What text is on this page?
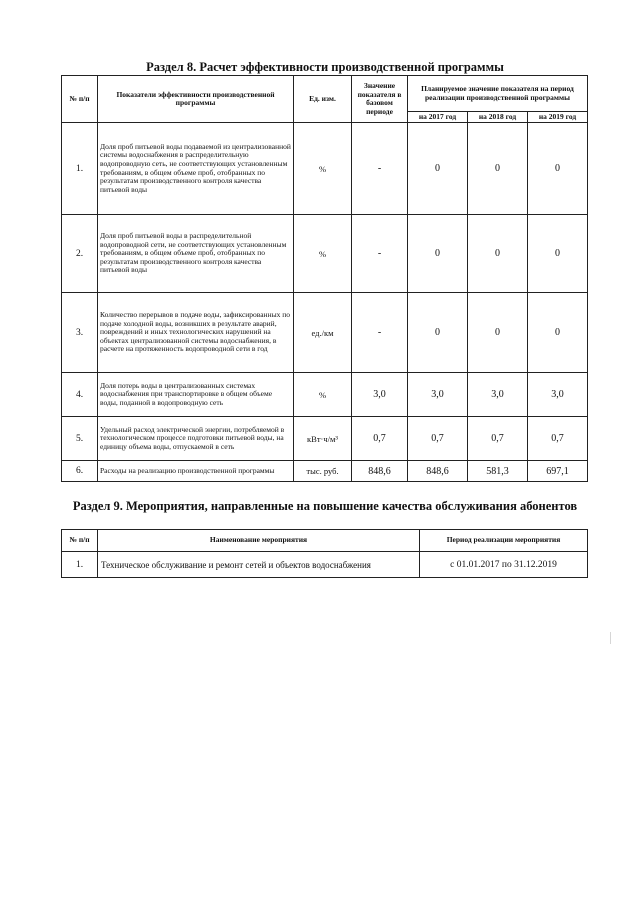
Раздел 8. Расчет эффективности производственной программы
№ п/п	Показатели эффективности производственной программы	Ед. изм.	Значение показателя в базовом периоде	Планируемое значение показателя на период реализации производственной программы		
				на 2017 год	на 2018 год	на 2019 год
1.	Доля проб питьевой воды подаваемой из централизованной системы водоснабжения в распределительную водопроводную сеть, не соответствующих установленным требованиям, в общем объеме проб, отобранных по результатам производственного контроля качества питьевой воды	%	-	0	0	0
2.	Доля проб питьевой воды в распределительной водопроводной сети, не соответствующих установленным требованиям, в общем объеме проб, отобранных по результатам производственного контроля качества питьевой воды	%	-	0	0	0
3.	Количество перерывов в подаче воды, зафиксированных по подаче холодной воды, возникших в результате аварий, повреждений и иных технологических нарушений на объектах централизованной системы водоснабжения, в расчете на протяженность водопроводной сети в год	ед./км	-	0	0	0
4.	Доля потерь воды в централизованных системах водоснабжения при транспортировке в общем объеме воды, поданной в водопроводную сеть	%	3,0	3,0	3,0	3,0
5.	Удельный расход электрической энергии, потребляемой в технологическом процессе подготовки питьевой воды, на единицу объема воды, отпускаемой в сеть	кВт·ч/м³	0,7	0,7	0,7	0,7
6.	Расходы на реализацию производственной программы	тыс. руб.	848,6	848,6	581,3	697,1
Раздел 9. Мероприятия, направленные на повышение качества обслуживания абонентов
№ п/п	Наименование мероприятия	Период реализации мероприятия
1.	Техническое обслуживание и ремонт сетей и объектов водоснабжения	с 01.01.2017 по 31.12.2019
